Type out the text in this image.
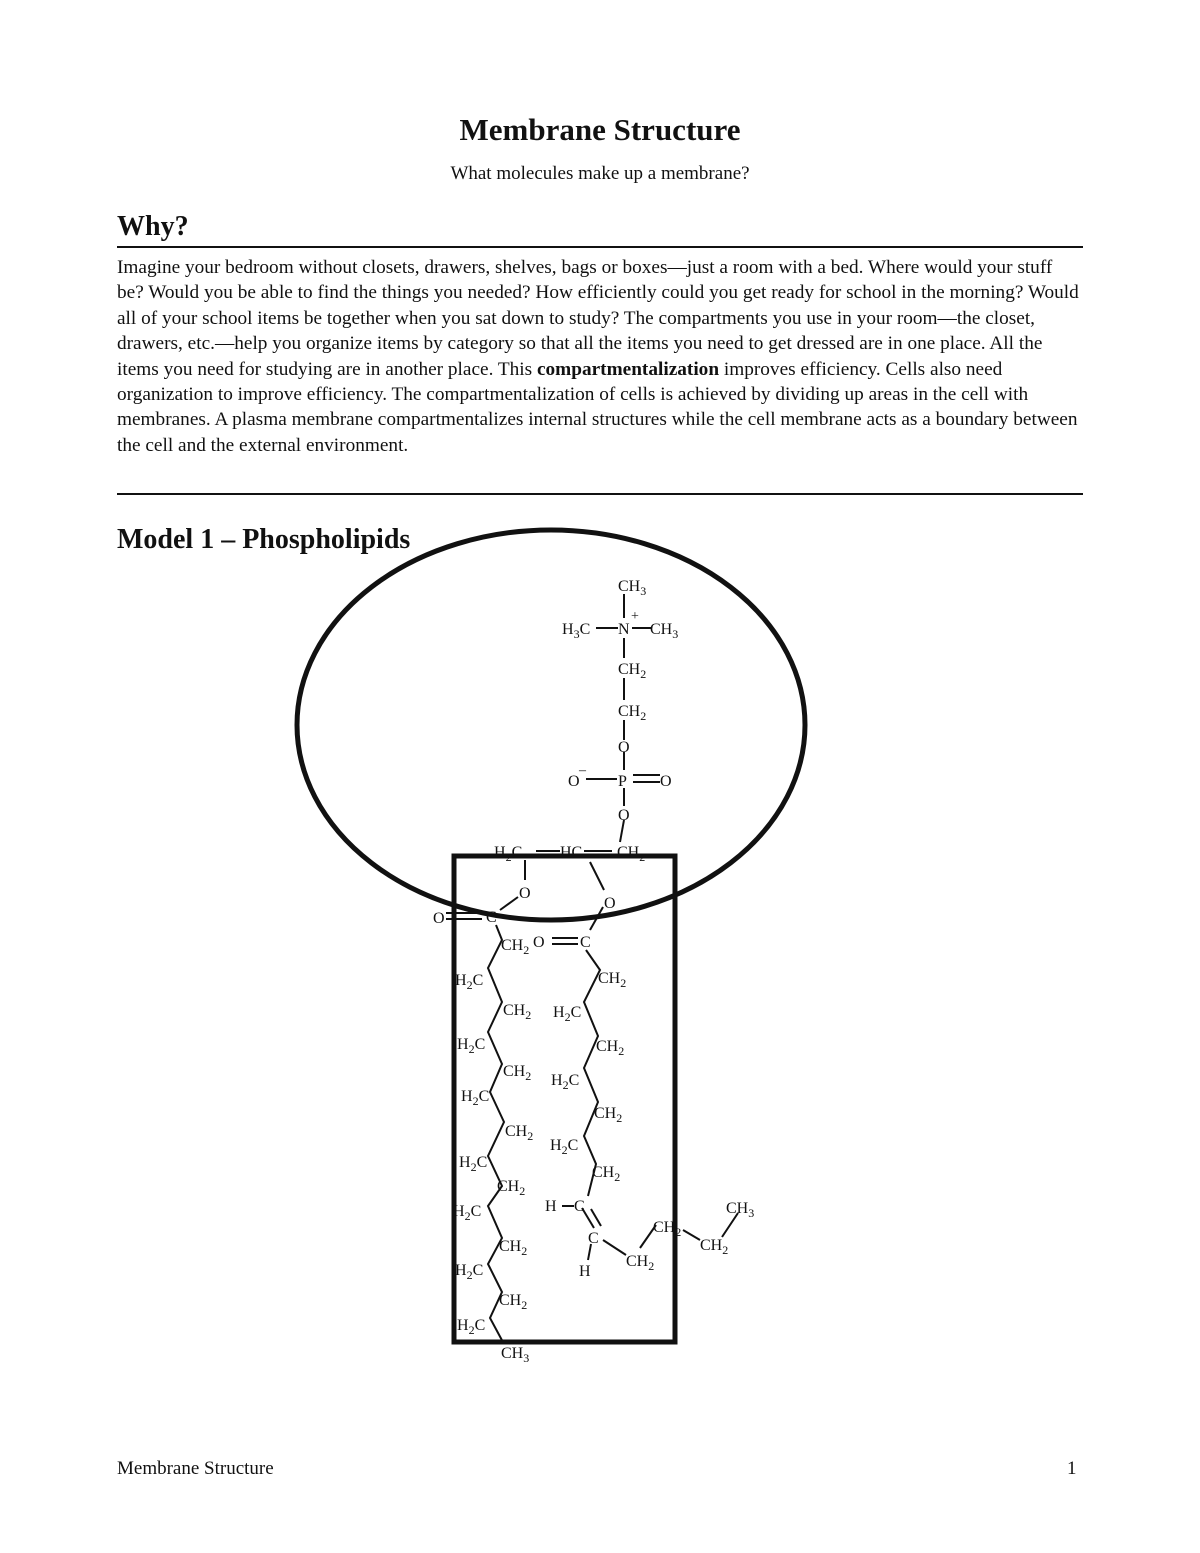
Membrane Structure

What molecules make up a membrane?

Why?

Imagine your bedroom without closets, drawers, shelves, bags or boxes—just a room with a bed. Where would your stuff be? Would you be able to find the things you needed? How efficiently could you get ready for school in the morning? Would all of your school items be together when you sat down to study? The compartments you use in your room—the closet, drawers, etc.—help you organize items by category so that all the items you need to get dressed are in one place. All the items you need for studying are in another place. This compartmentalization improves efficiency. Cells also need organization to improve efficiency. The compartmentalization of cells is achieved by dividing up areas in the cell with membranes. A plasma membrane compartmentalizes internal structures while the cell membrane acts as a boundary between the cell and the external environment.

Model 1 – Phospholipids
$CH_3$
$H_3C$ N
+
$CH_3$
$CH_2$
$CH_2$
O
O
–
P O
O
$H_2C$ HC $CH_2$
O
O
O	C
O C
$CH_2$
$H_2C$
$CH_2$
$H_2C$
$CH_2$
$H_2C$
$CH_2$
$H_2C$
$CH_2$
$H_2C$
$CH_2$
$H_2C$
$CH_2$
$H_2C$
$CH_3$
$CH_2$
$H_2C$
$CH_2$
$H_2C$
$CH_2$
$H_2C$
$CH_2$
H C
C
H
$CH_2$
$CH_2$
$CH_2$
$CH_3$
Membrane Structure	1
